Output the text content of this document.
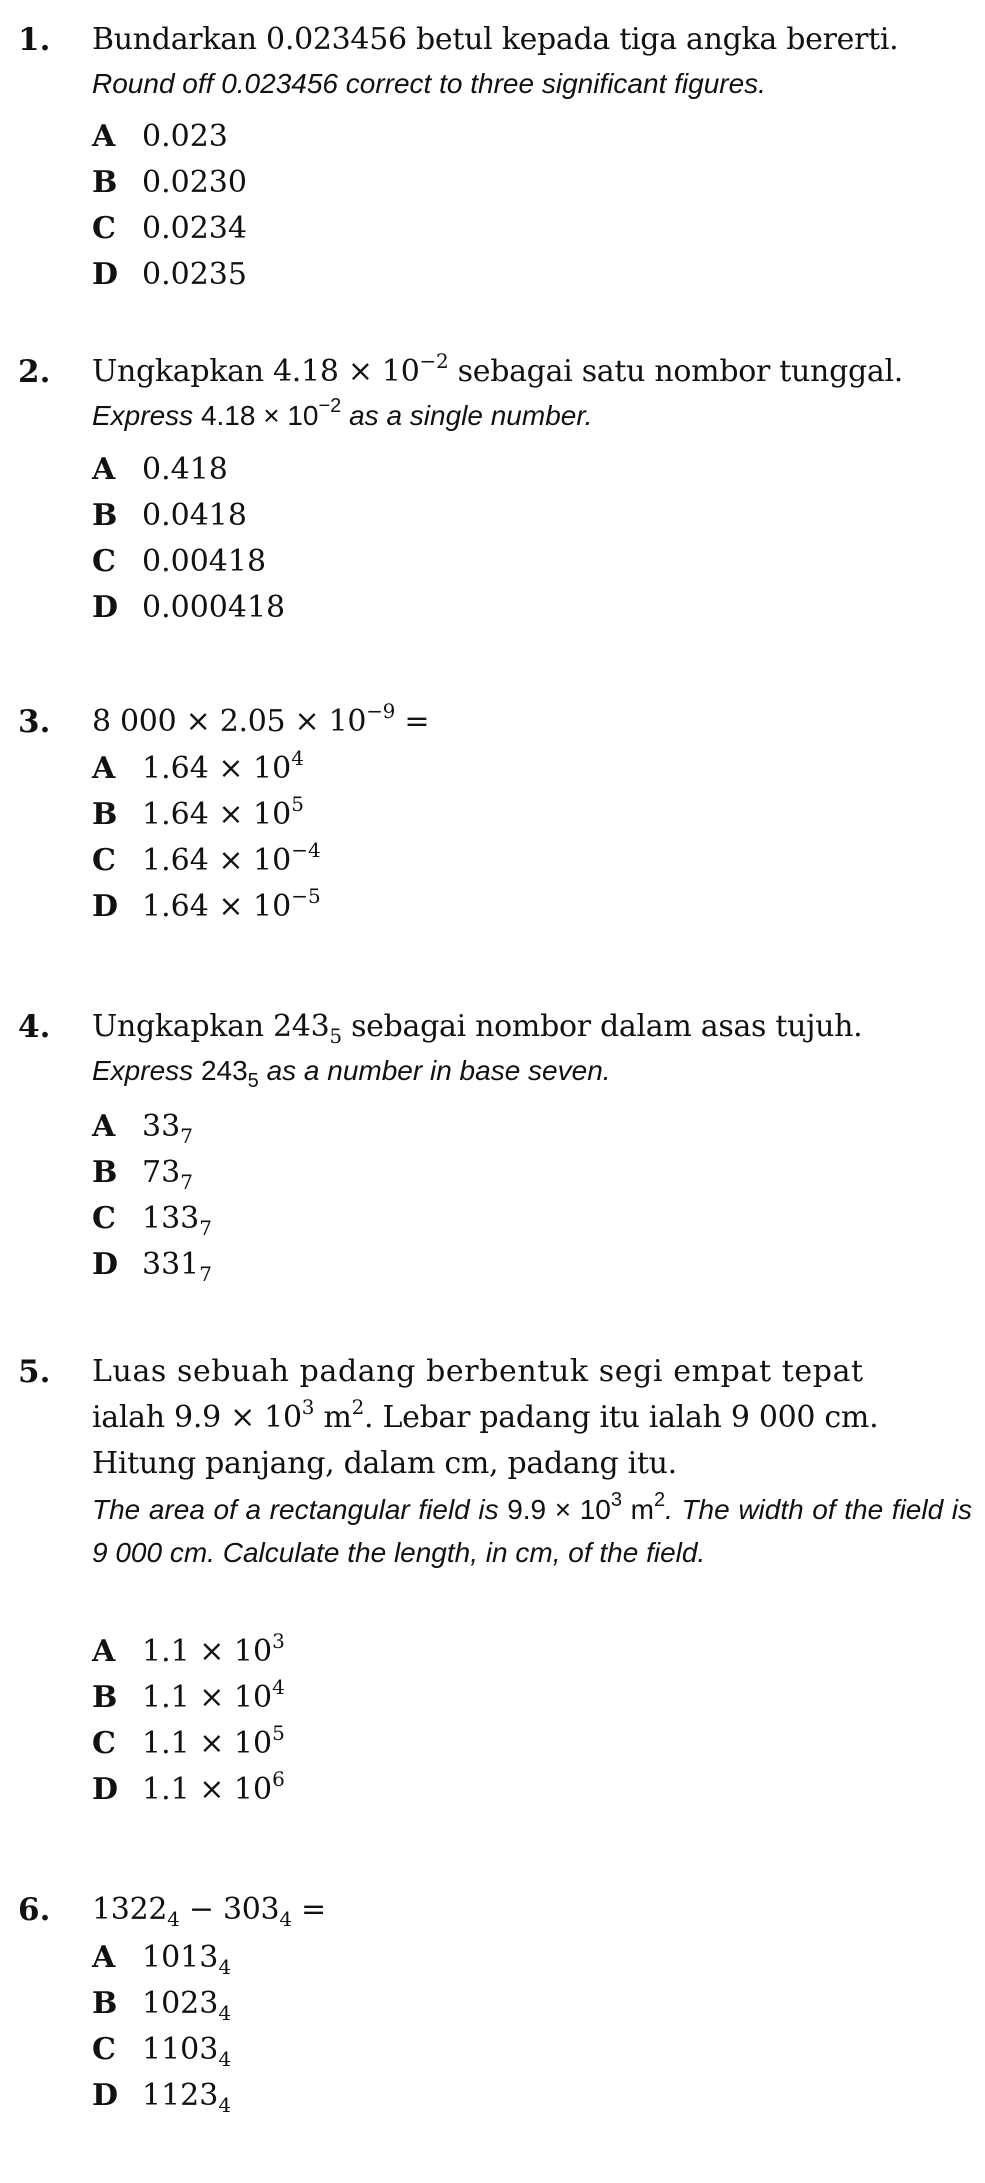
1. Bundarkan 0.023456 betul kepada tiga angka bererti.
Round off 0.023456 correct to three significant figures.
A 0.023
B 0.0230
C 0.0234
D 0.0235
2. Ungkapkan $4.18 \times 10^{-2}$ sebagai satu nombor tunggal.
Express $4.18 \times 10^{-2}$ as a single number.
A 0.418
B 0.0418
C 0.00418
D 0.000418
3. 8 $000 \times 2.05 \times 10^{-9}$ =
A $1.64 \times 10^4$
B $1.64 \times 10^5$
C $1.64 \times 10^{-4}$
D $1.64 \times 10^{-5}$
4. Ungkapkan $243_5$ sebagai nombor dalam asas tujuh.
Express $243_5$ as a number in base seven.
A $33_7$
B $73_7$
C $133_7$
D $331_7$
5. Luas sebuah padang berbentuk segi empat tepat
ialah $9.9 \times 10^3$ $m^2$. Lebar padang itu ialah 9 000 cm.
Hitung panjang, dalam cm, padang itu.
The area of a rectangular field is $9.9 \times 10^3$ $m^2$. The width of the field is 9 000 cm. Calculate the length, in cm, of the field.
A $1.1 \times 10^3$
B $1.1 \times 10^4$
C $1.1 \times 10^5$
D $1.1 \times 10^6$
6. $1322_4 - 303_4$ =
A $1013_4$
B $1023_4$
C $1103_4$
D $1123_4$
